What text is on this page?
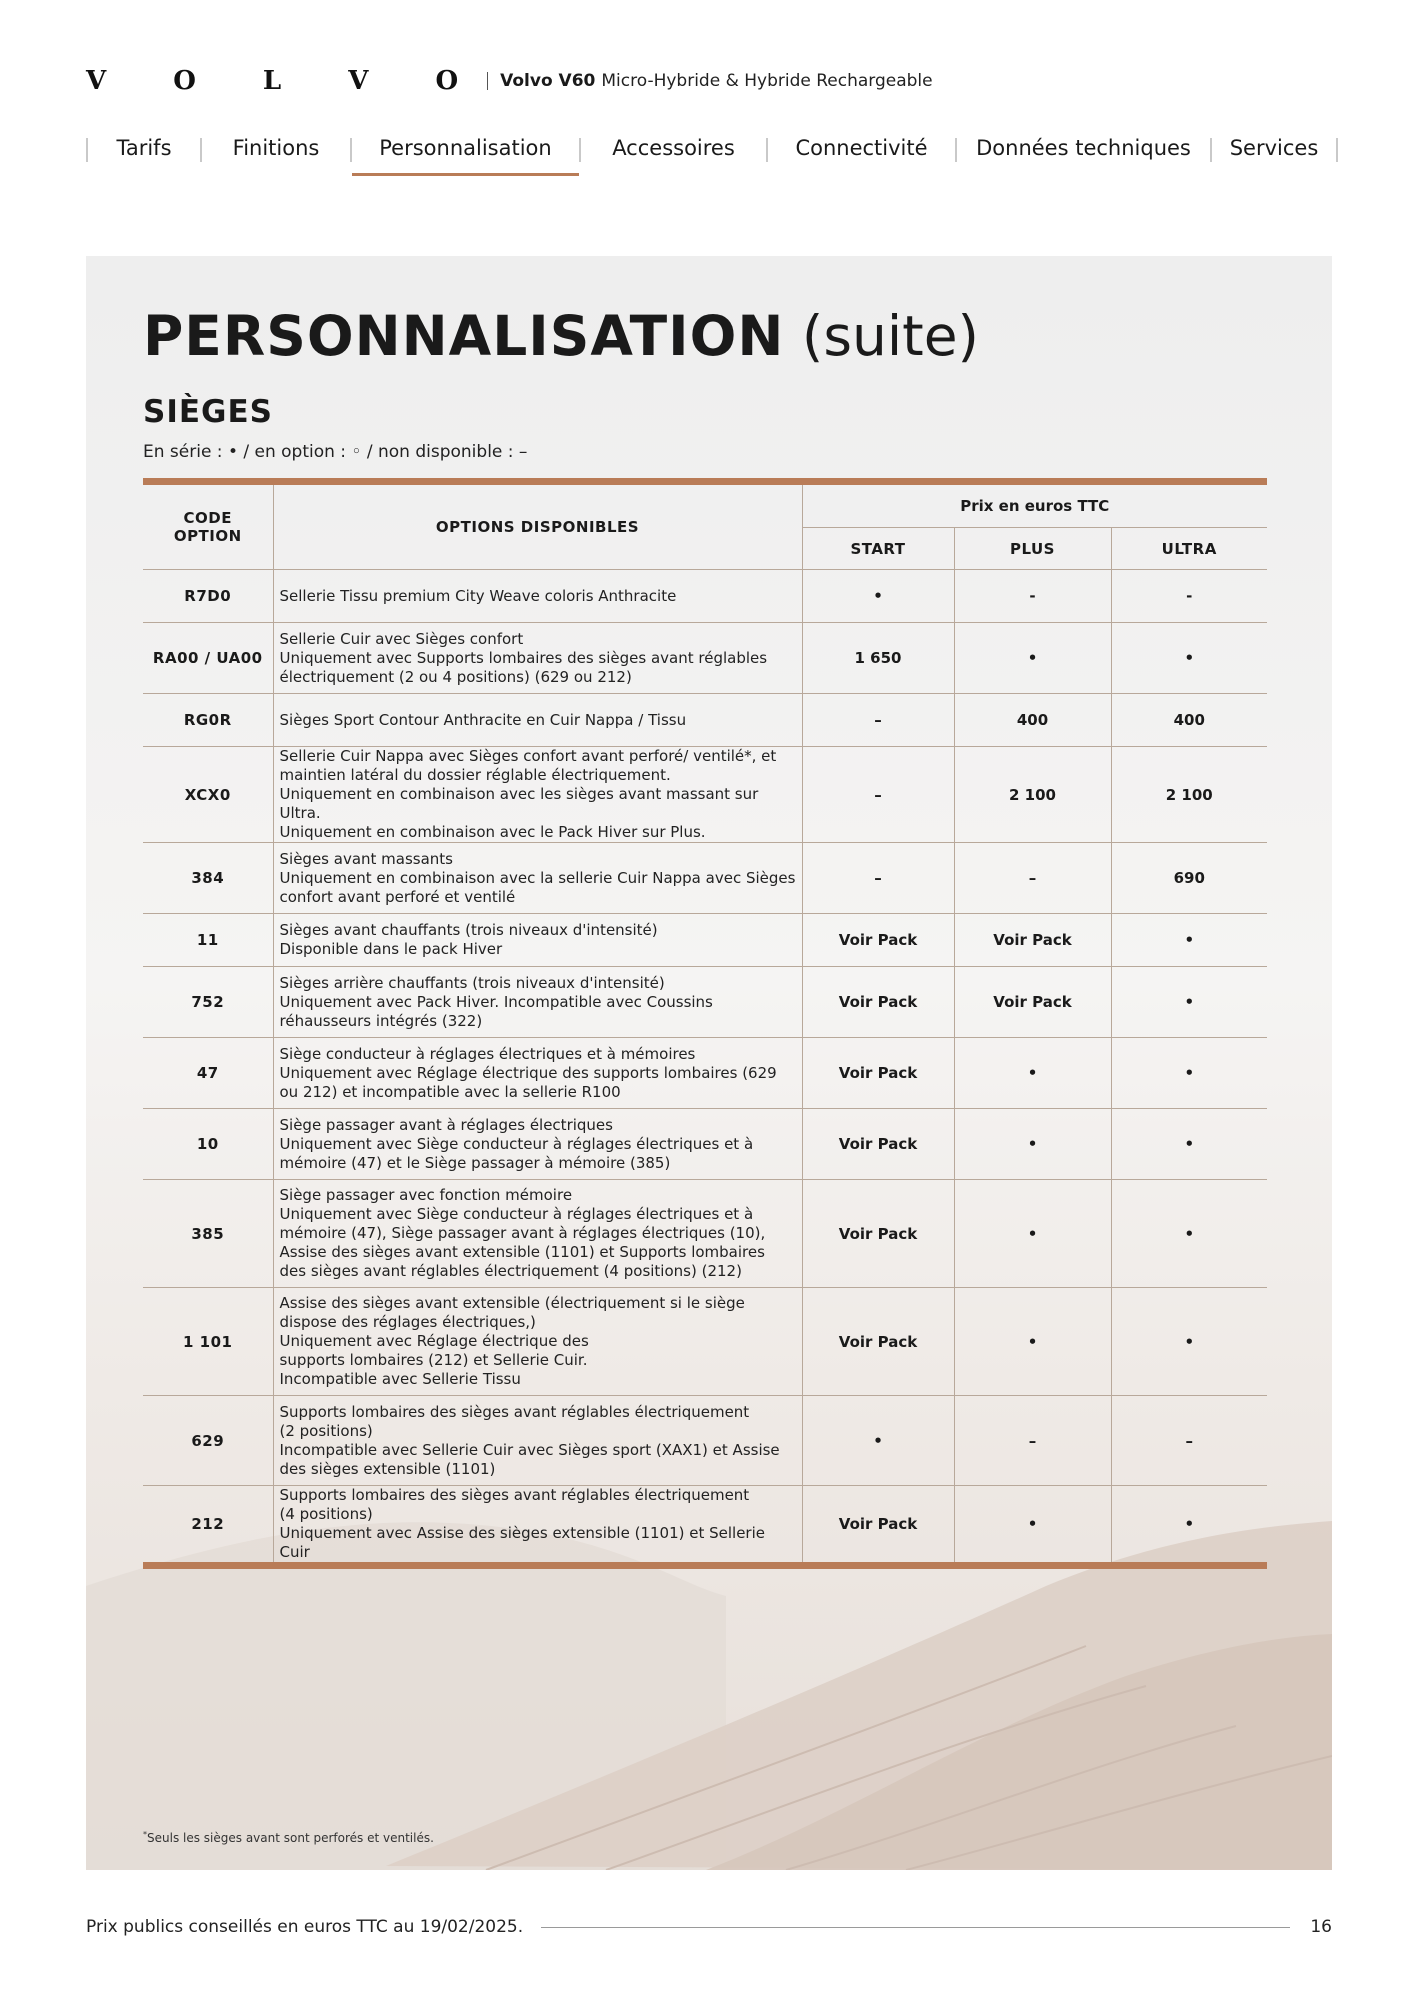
V O L V O Volvo V60 Micro-Hybride & Hybride Rechargeable
Tarifs	Finitions	Personnalisation	Accessoires	Connectivité	Données techniques	Services
PERSONNALISATION (suite)
SIÈGES
En série : • / en option : ◦ / non disponible : –
CODE OPTION	OPTIONS DISPONIBLES	Prix en euros TTC		
		START	PLUS	ULTRA
R7D0	Sellerie Tissu premium City Weave coloris Anthracite	•	-	-
RA00 / UA00	Sellerie Cuir avec Sièges confort
Uniquement avec Supports lombaires des sièges avant réglables électriquement (2 ou 4 positions) (629 ou 212)	1 650	•	•
RG0R	Sièges Sport Contour Anthracite en Cuir Nappa / Tissu	–	400	400
XCX0	Sellerie Cuir Nappa avec Sièges confort avant perforé/ ventilé*, et maintien latéral du dossier réglable électriquement.
Uniquement en combinaison avec les sièges avant massant sur Ultra.
Uniquement en combinaison avec le Pack Hiver sur Plus.	–	2 100	2 100
384	Sièges avant massants
Uniquement en combinaison avec la sellerie Cuir Nappa avec Sièges confort avant perforé et ventilé	–	–	690
11	Sièges avant chauffants (trois niveaux d'intensité)
Disponible dans le pack Hiver	Voir Pack	Voir Pack	•
752	Sièges arrière chauffants (trois niveaux d'intensité)
Uniquement avec Pack Hiver. Incompatible avec Coussins réhausseurs intégrés (322)	Voir Pack	Voir Pack	•
47	Siège conducteur à réglages électriques et à mémoires
Uniquement avec Réglage électrique des supports lombaires (629 ou 212) et incompatible avec la sellerie R100	Voir Pack	•	•
10	Siège passager avant à réglages électriques
Uniquement avec Siège conducteur à réglages électriques et à mémoire (47) et le Siège passager à mémoire (385)	Voir Pack	•	•
385	Siège passager avec fonction mémoire
Uniquement avec Siège conducteur à réglages électriques et à mémoire (47), Siège passager avant à réglages électriques (10), Assise des sièges avant extensible (1101) et Supports lombaires des sièges avant réglables électriquement (4 positions) (212)	Voir Pack	•	•
1 101	Assise des sièges avant extensible (électriquement si le siège dispose des réglages électriques,)
Uniquement avec Réglage électrique des
supports lombaires (212) et Sellerie Cuir.
Incompatible avec Sellerie Tissu	Voir Pack	•	•
629	Supports lombaires des sièges avant réglables électriquement
(2 positions)
Incompatible avec Sellerie Cuir avec Sièges sport (XAX1) et Assise des sièges extensible (1101)	•	–	–
212	Supports lombaires des sièges avant réglables électriquement
(4 positions)
Uniquement avec Assise des sièges extensible (1101) et Sellerie Cuir	Voir Pack	•	•
*Seuls les sièges avant sont perforés et ventilés.
Prix publics conseillés en euros TTC au 19/02/2025.	16
